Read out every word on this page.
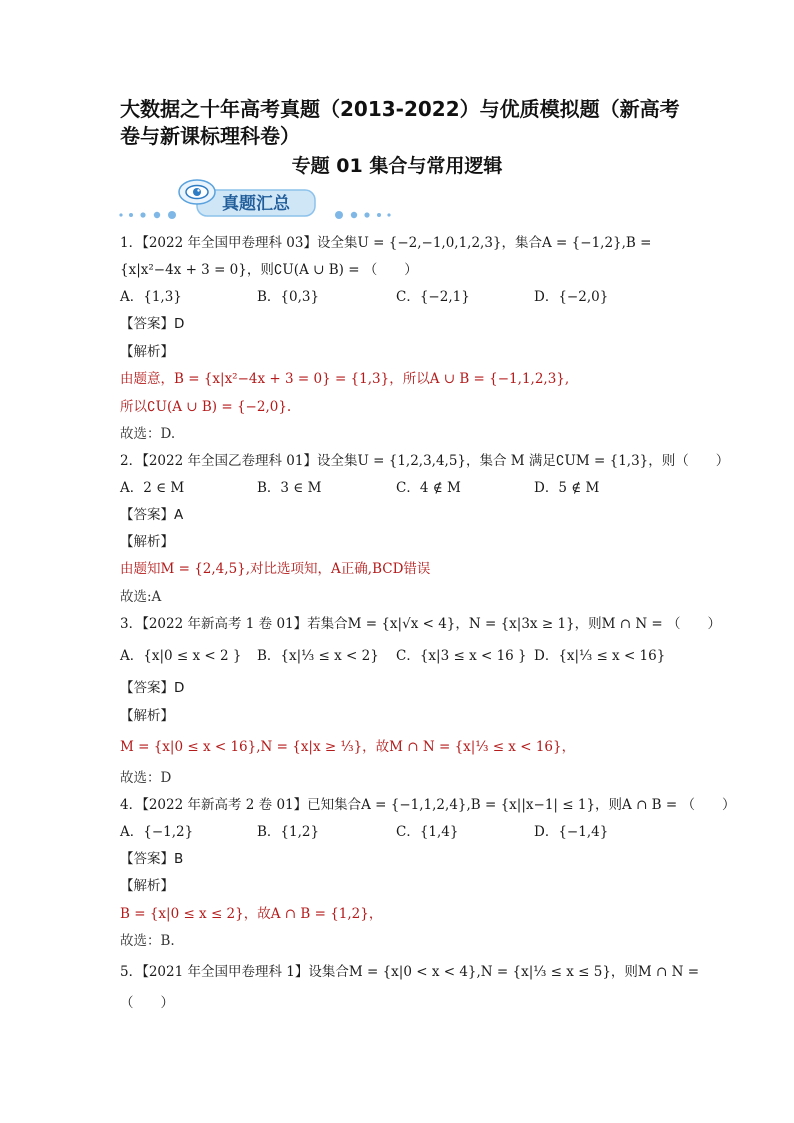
大数据之十年高考真题（2013-2022）与优质模拟题（新高考卷与新课标理科卷）
专题 01 集合与常用逻辑
真题汇总
1．【2022 年全国甲卷理科 03】设全集U = {−2,−1,0,1,2,3}，集合A = {−1,2},B =
{x|x²−4x + 3 = 0}，则∁U(A ∪ B) = （　　）
A．{1,3}	B．{0,3}	C．{−2,1}	D．{−2,0}
【答案】D
【解析】
由题意，B = {x|x²−4x + 3 = 0} = {1,3}，所以A ∪ B = {−1,1,2,3},
所以∁U(A ∪ B) = {−2,0}.
故选：D.
2．【2022 年全国乙卷理科 01】设全集U = {1,2,3,4,5}，集合 M 满足∁UM = {1,3}，则（　　）
A．2 ∈ M	B．3 ∈ M	C．4 ∉ M	D．5 ∉ M
【答案】A
【解析】
由题知M = {2,4,5},对比选项知，A正确,BCD错误
故选:A
3．【2022 年新高考 1 卷 01】若集合M = {x|√x < 4}，N = {x|3x ≥ 1}，则M ∩ N = （　　）
A．{x|0 ≤ x < 2 } B．{x|⅓ ≤ x < 2} C．{x|3 ≤ x < 16 } D．{x|⅓ ≤ x < 16}
【答案】D
【解析】
M = {x|0 ≤ x < 16},N = {x|x ≥ ⅓}，故M ∩ N = {x|⅓ ≤ x < 16}，
故选：D
4．【2022 年新高考 2 卷 01】已知集合A = {−1,1,2,4},B = {x||x−1| ≤ 1}，则A ∩ B = （　　）
A．{−1,2}	B．{1,2}	C．{1,4}	D．{−1,4}
【答案】B
【解析】
B = {x|0 ≤ x ≤ 2}，故A ∩ B = {1,2}，
故选：B.
5．【2021 年全国甲卷理科 1】设集合M = {x|0 < x < 4},N = {x|⅓ ≤ x ≤ 5}，则M ∩ N =
（　　）
